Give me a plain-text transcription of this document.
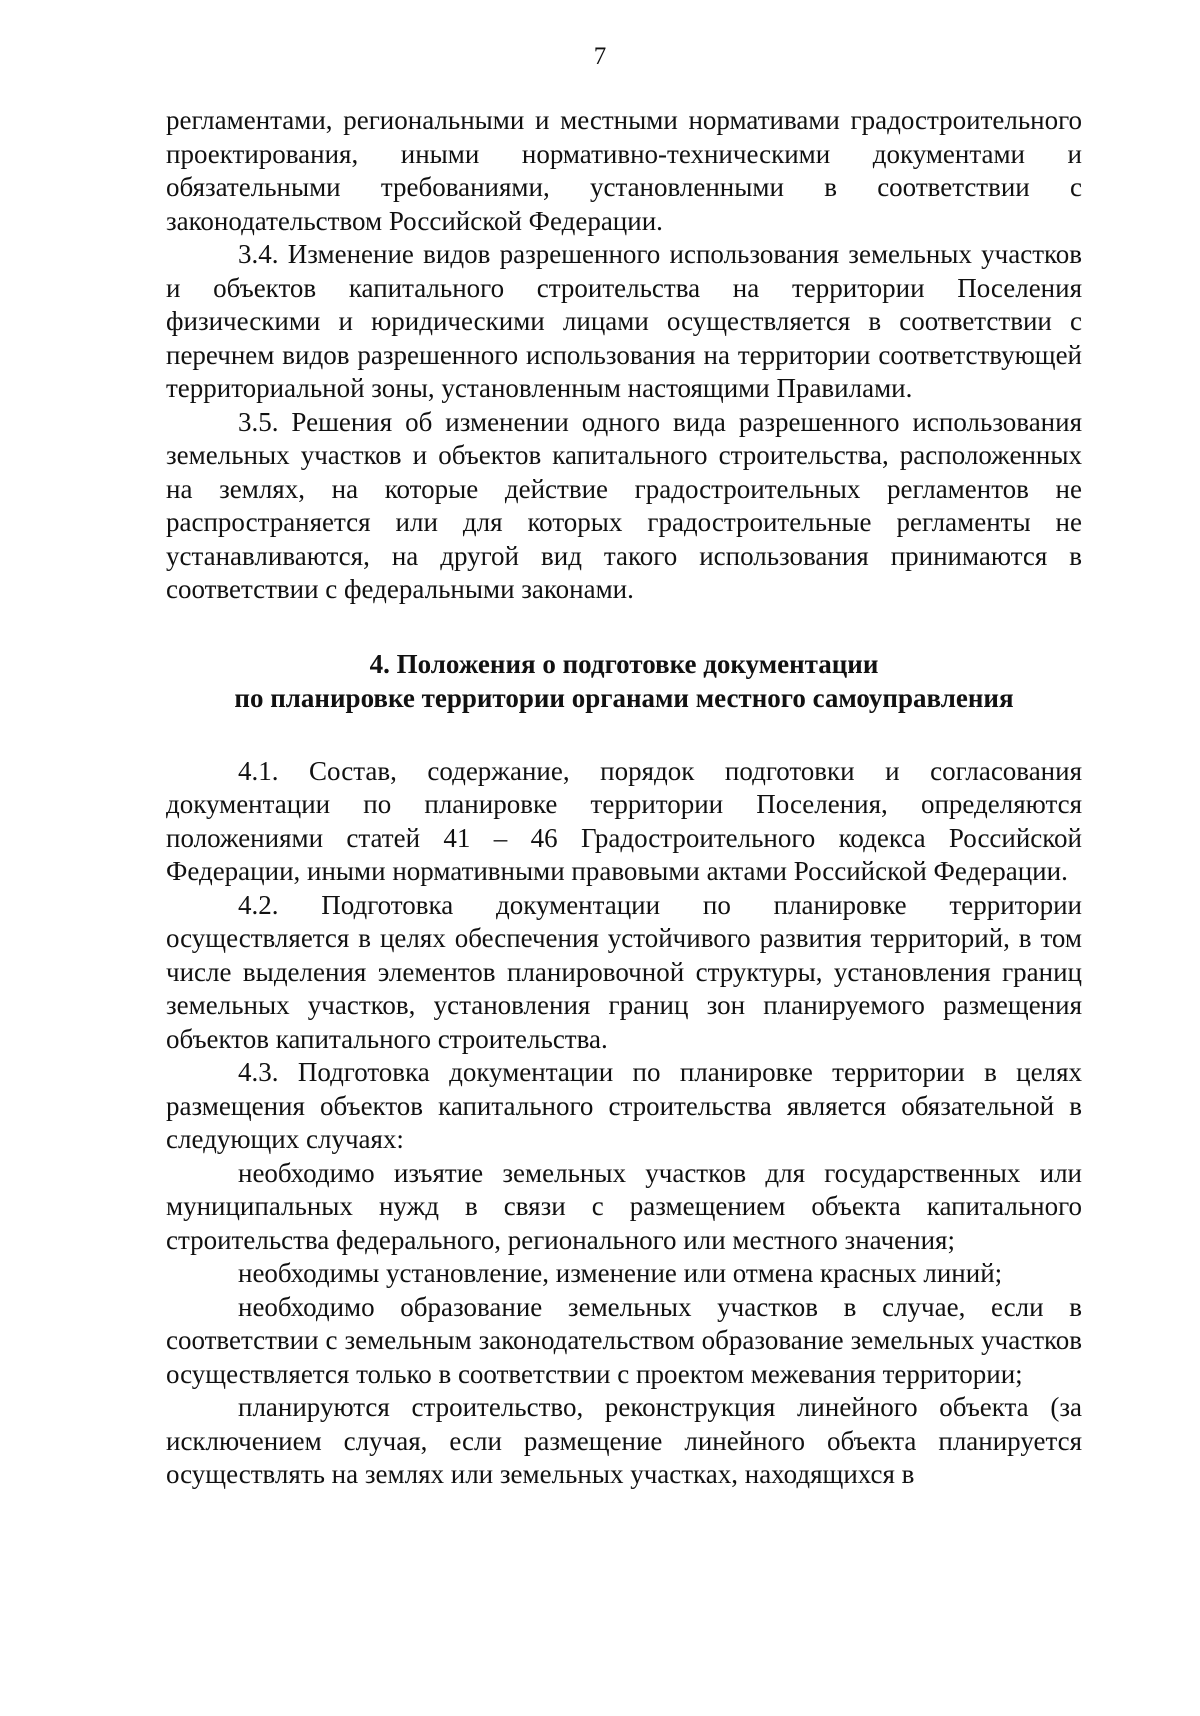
7

регламентами, региональными и местными нормативами градостроительного проектирования, иными нормативно-техническими документами и обязательными требованиями, установленными в соответствии с законодательством Российской Федерации.

3.4. Изменение видов разрешенного использования земельных участков и объектов капитального строительства на территории Поселения физическими и юридическими лицами осуществляется в соответствии с перечнем видов разрешенного использования на территории соответствующей территориальной зоны, установленным настоящими Правилами.

3.5. Решения об изменении одного вида разрешенного использования земельных участков и объектов капитального строительства, расположенных на землях, на которые действие градостроительных регламентов не распространяется или для которых градостроительные регламенты не устанавливаются, на другой вид такого использования принимаются в соответствии с федеральными законами.

4. Положения о подготовке документации
по планировке территории органами местного самоуправления

4.1. Состав, содержание, порядок подготовки и согласования документации по планировке территории Поселения, определяются положениями статей 41 – 46 Градостроительного кодекса Российской Федерации, иными нормативными правовыми актами Российской Федерации.

4.2. Подготовка документации по планировке территории осуществляется в целях обеспечения устойчивого развития территорий, в том числе выделения элементов планировочной структуры, установления границ земельных участков, установления границ зон планируемого размещения объектов капитального строительства.

4.3. Подготовка документации по планировке территории в целях размещения объектов капитального строительства является обязательной в следующих случаях:

необходимо изъятие земельных участков для государственных или муниципальных нужд в связи с размещением объекта капитального строительства федерального, регионального или местного значения;

необходимы установление, изменение или отмена красных линий;

необходимо образование земельных участков в случае, если в соответствии с земельным законодательством образование земельных участков осуществляется только в соответствии с проектом межевания территории;

планируются строительство, реконструкция линейного объекта (за исключением случая, если размещение линейного объекта планируется осуществлять на землях или земельных участках, находящихся в
